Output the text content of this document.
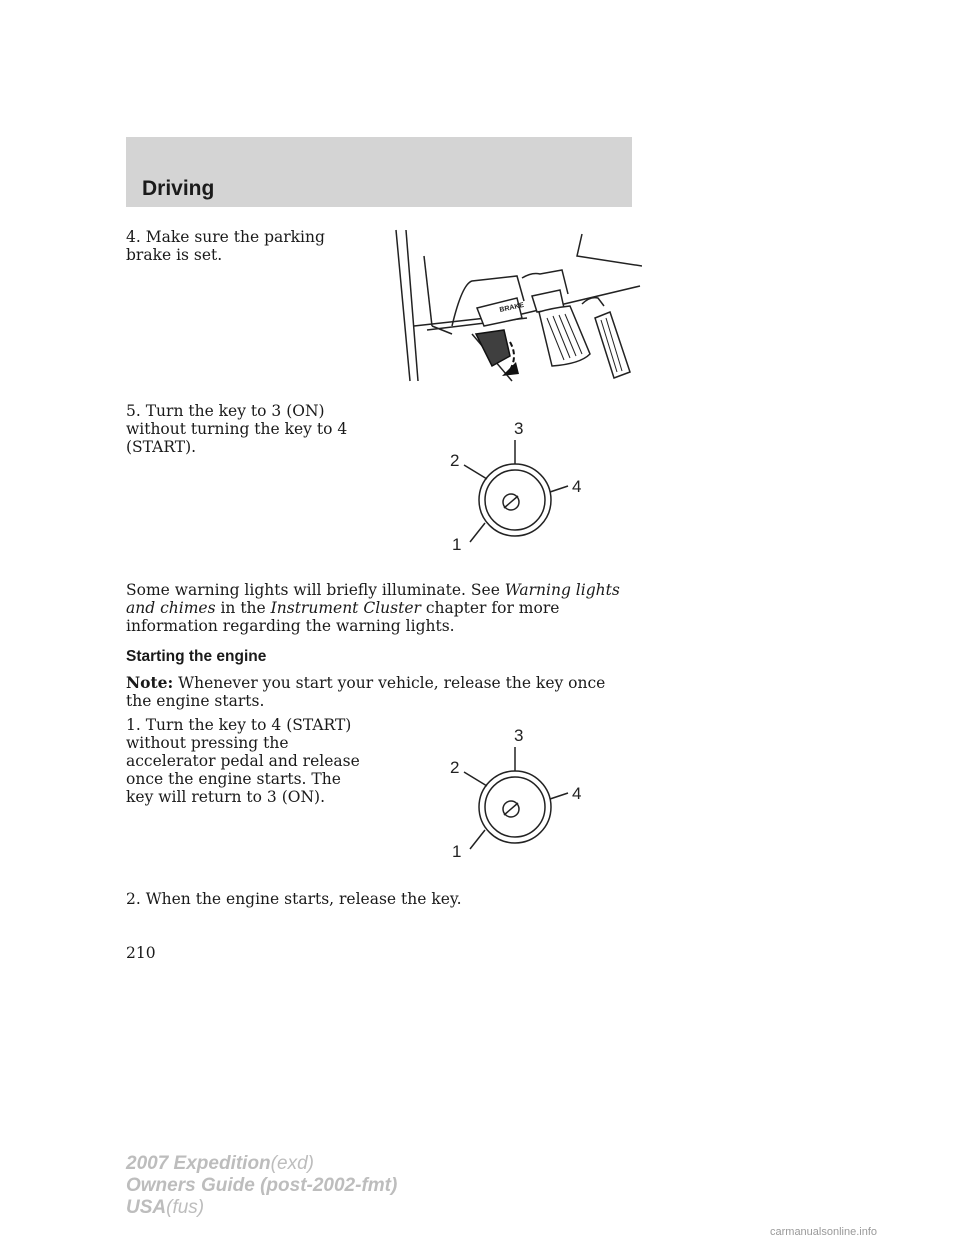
Driving

4. Make sure the parking brake is set.

BRAKE

5. Turn the key to 3 (ON) without turning the key to 4 (START).

3
2
4
1

Some warning lights will briefly illuminate. See Warning lights and chimes in the Instrument Cluster chapter for more information regarding the warning lights.

Starting the engine

Note: Whenever you start your vehicle, release the key once the engine starts.

1. Turn the key to 4 (START) without pressing the accelerator pedal and release once the engine starts. The key will return to 3 (ON).

3
2
4
1

2. When the engine starts, release the key.

210
2007 Expedition(exd)
Owners Guide (post-2002-fmt)
USA(fus)
carmanualsonline.info
